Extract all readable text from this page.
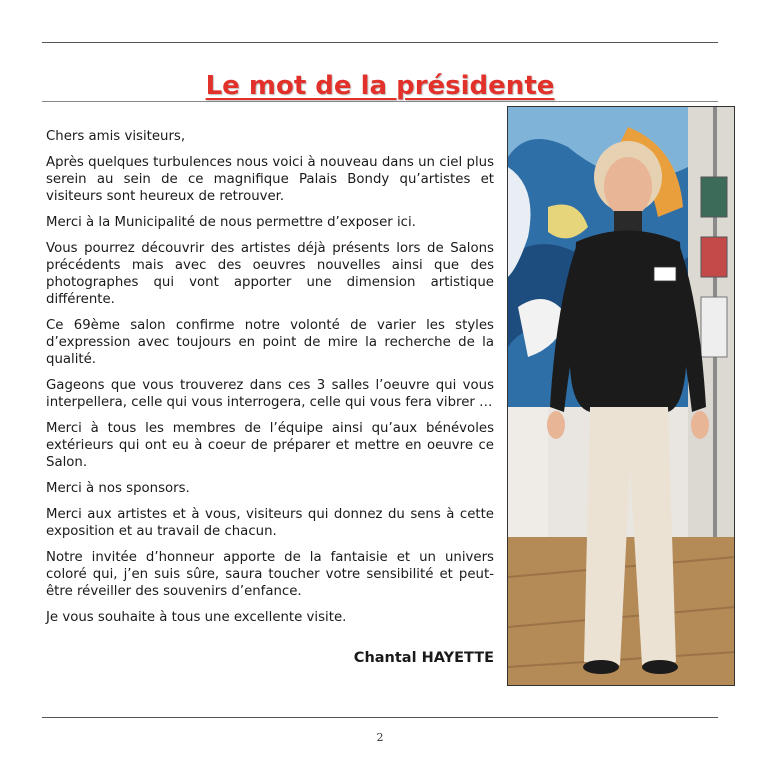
Le mot de la présidente

Chers amis visiteurs,

Après quelques turbulences nous voici à nouveau dans un ciel plus serein au sein de ce magnifique Palais Bondy qu’artistes et visiteurs sont heureux de retrouver.

Merci à la Municipalité de nous permettre d’exposer ici.

Vous pourrez découvrir des artistes déjà présents lors de Salons précédents mais avec des oeuvres nouvelles ainsi que des photographes qui vont apporter une dimension artistique différente.

Ce 69ème salon confirme notre volonté de varier les styles d’expression avec toujours en point de mire la recherche de la qualité.

Gageons que vous trouverez dans ces 3 salles l’oeuvre qui vous interpellera, celle qui vous interrogera, celle qui vous fera vibrer …

Merci à tous les membres de l’équipe ainsi qu’aux bénévoles extérieurs qui ont eu à coeur de préparer et mettre en oeuvre ce Salon.

Merci à nos sponsors.

Merci aux artistes et à vous, visiteurs qui donnez du sens à cette exposition et au travail de chacun.

Notre invitée d’honneur apporte de la fantaisie et un univers coloré qui, j’en suis sûre, saura toucher votre sensibilité et peut-être réveiller des souvenirs d’enfance.

Je vous souhaite à tous une excellente visite.

Chantal HAYETTE
2
